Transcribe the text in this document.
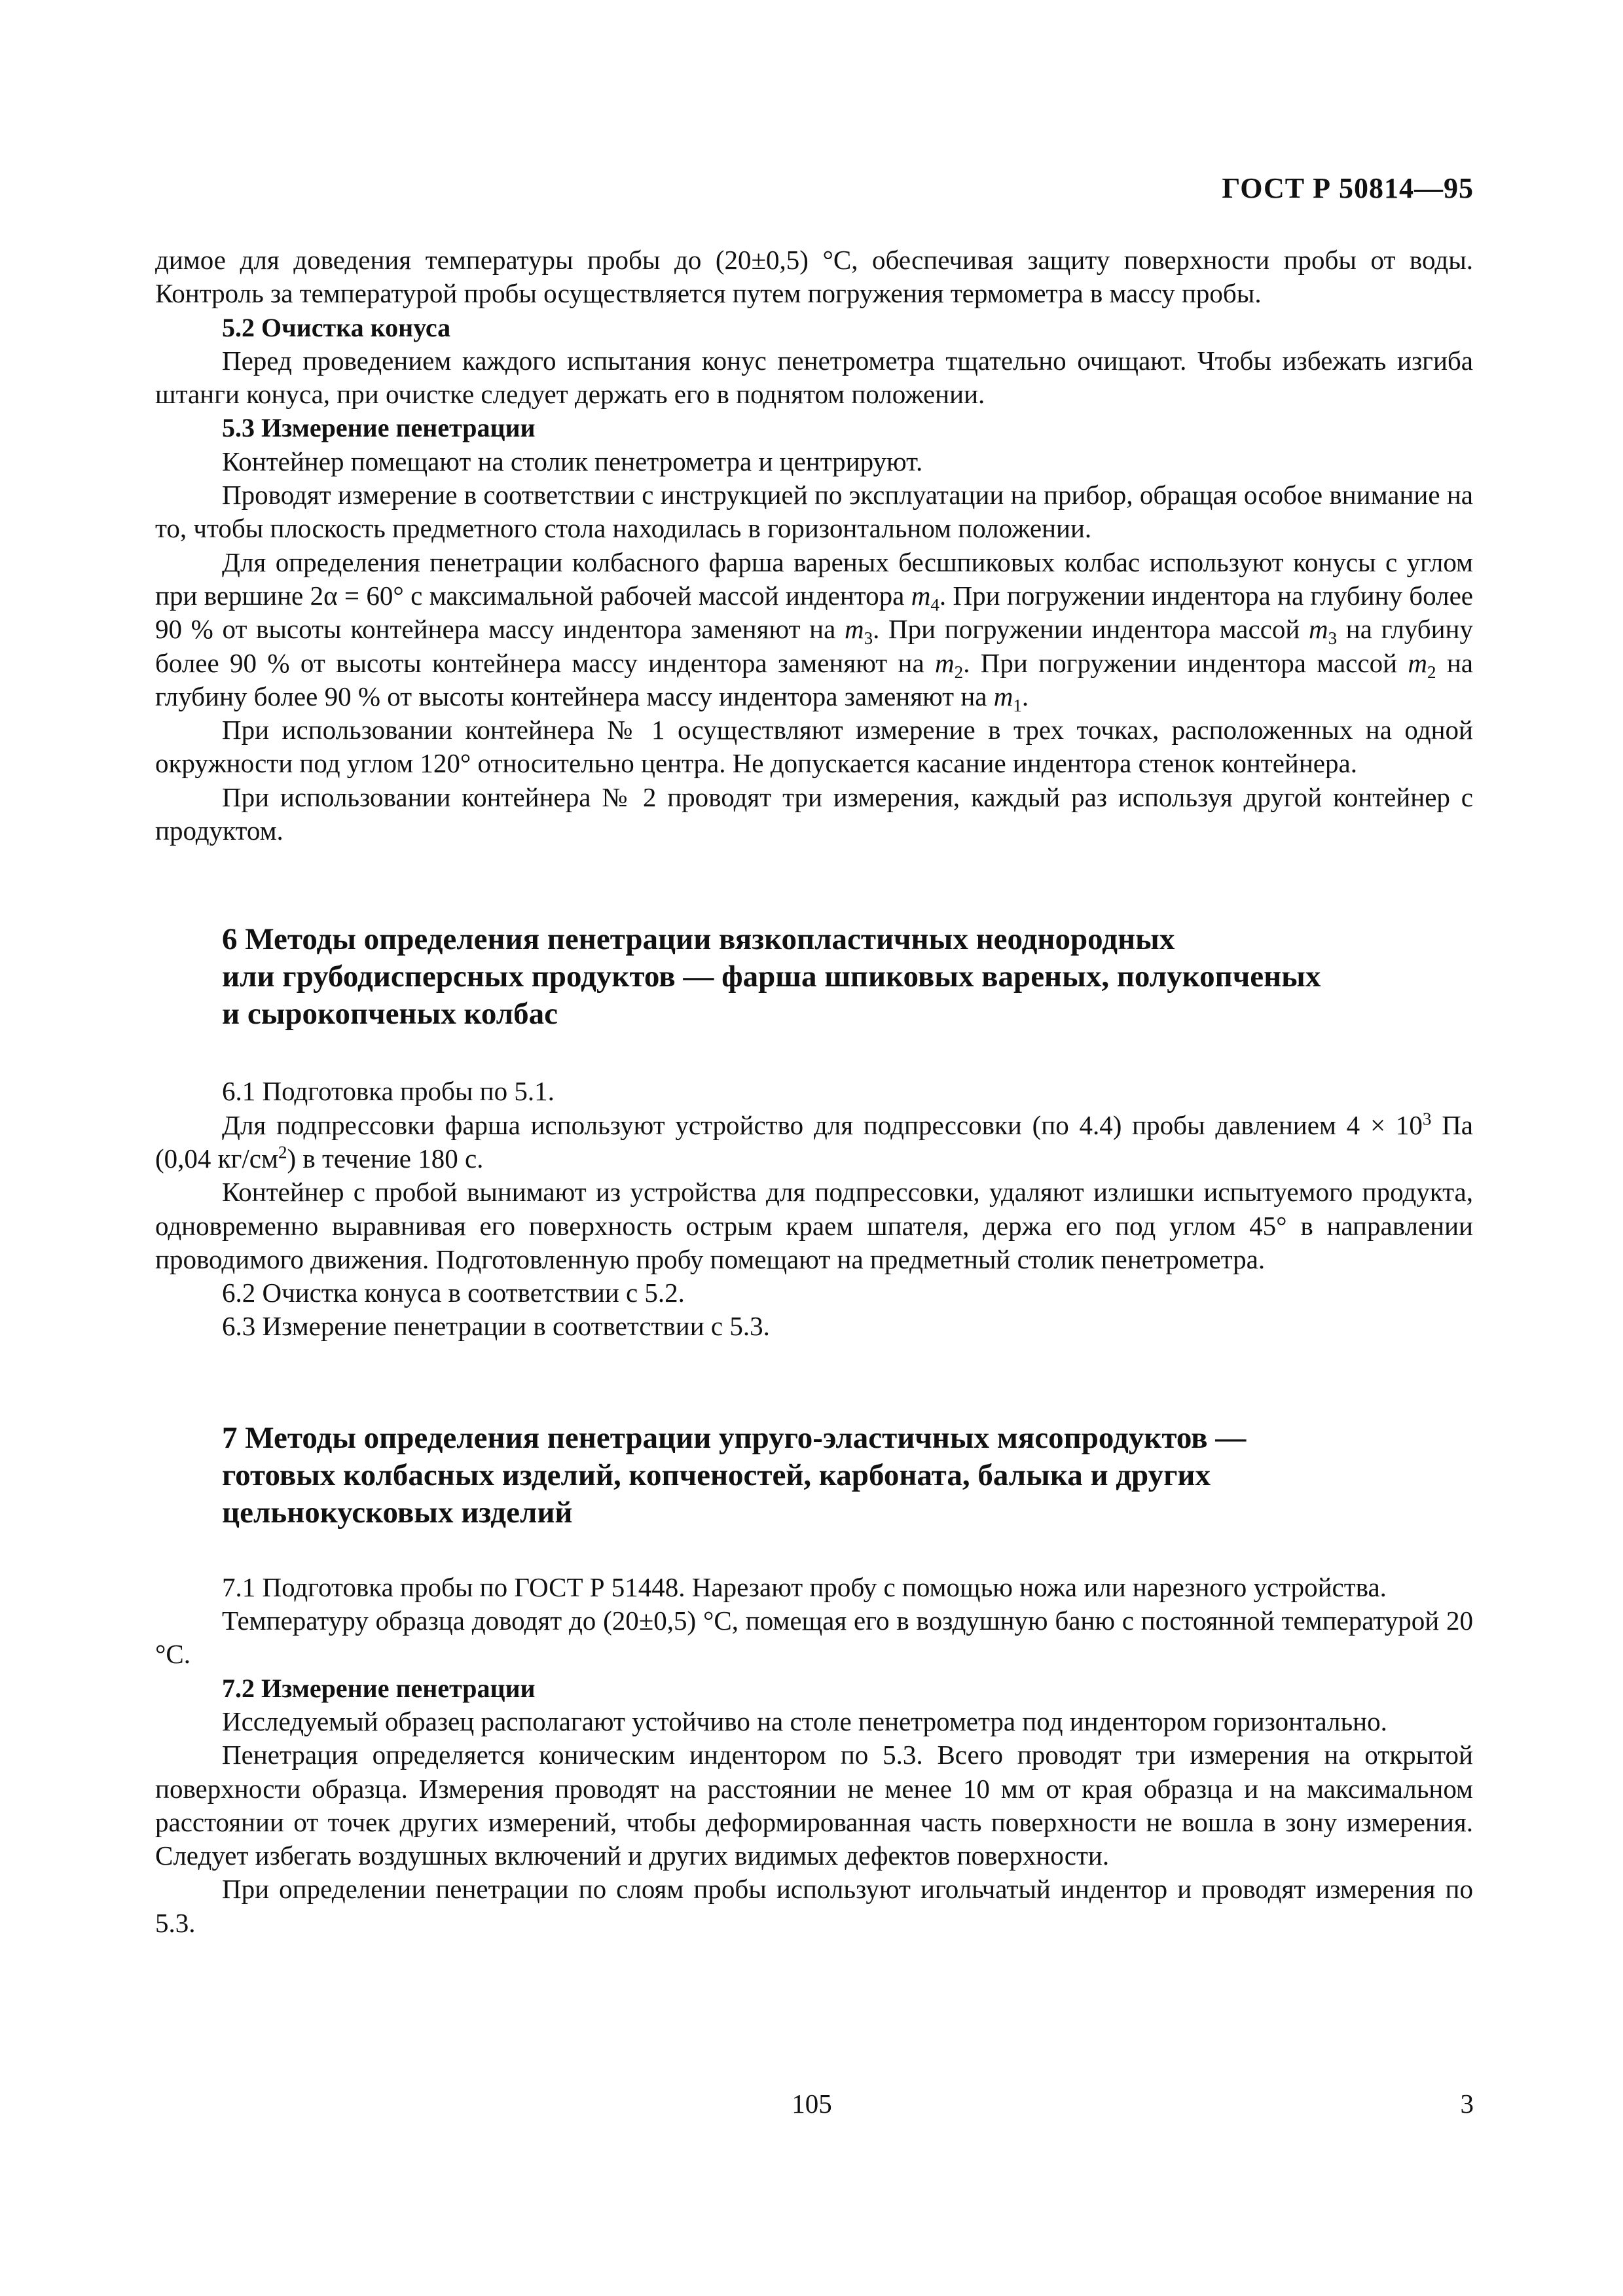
ГОСТ Р 50814—95

димое для доведения температуры пробы до (20±0,5) °С, обеспечивая защиту поверхности пробы от воды. Контроль за температурой пробы осуществляется путем погружения термометра в массу пробы.

5.2 Очистка конуса

Перед проведением каждого испытания конус пенетрометра тщательно очищают. Чтобы избежать изгиба штанги конуса, при очистке следует держать его в поднятом положении.

5.3 Измерение пенетрации

Контейнер помещают на столик пенетрометра и центрируют.

Проводят измерение в соответствии с инструкцией по эксплуатации на прибор, обращая особое внимание на то, чтобы плоскость предметного стола находилась в горизонтальном положении.

Для определения пенетрации колбасного фарша вареных бесшпиковых колбас используют конусы с углом при вершине 2α = 60° с максимальной рабочей массой индентора $m_4$. При погружении индентора на глубину более 90 % от высоты контейнера массу индентора заменяют на $m_3$. При погружении индентора массой $m_3$ на глубину более 90 % от высоты контейнера массу индентора заменяют на $m_2$. При погружении индентора массой $m_2$ на глубину более 90 % от высоты контейнера массу индентора заменяют на $m_1$.

При использовании контейнера № 1 осуществляют измерение в трех точках, расположенных на одной окружности под углом 120° относительно центра. Не допускается касание индентора стенок контейнера.

При использовании контейнера № 2 проводят три измерения, каждый раз используя другой контейнер с продуктом.

6 Методы определения пенетрации вязкопластичных неоднородных
или грубодисперсных продуктов — фарша шпиковых вареных, полукопченых
и сырокопченых колбас

6.1 Подготовка пробы по 5.1.

Для подпрессовки фарша используют устройство для подпрессовки (по 4.4) пробы давлением $4 \times 10^3$ Па (0,04 $кг/см^2$) в течение 180 с.

Контейнер с пробой вынимают из устройства для подпрессовки, удаляют излишки испытуемого продукта, одновременно выравнивая его поверхность острым краем шпателя, держа его под углом 45° в направлении проводимого движения. Подготовленную пробу помещают на предметный столик пенетрометра.

6.2 Очистка конуса в соответствии с 5.2.

6.3 Измерение пенетрации в соответствии с 5.3.

7 Методы определения пенетрации упруго-эластичных мясопродуктов —
готовых колбасных изделий, копченостей, карбоната, балыка и других
цельнокусковых изделий

7.1 Подготовка пробы по ГОСТ Р 51448. Нарезают пробу с помощью ножа или нарезного устройства.

Температуру образца доводят до (20±0,5) °С, помещая его в воздушную баню с постоянной температурой 20 °С.

7.2 Измерение пенетрации

Исследуемый образец располагают устойчиво на столе пенетрометра под индентором горизонтально.

Пенетрация определяется коническим индентором по 5.3. Всего проводят три измерения на открытой поверхности образца. Измерения проводят на расстоянии не менее 10 мм от края образца и на максимальном расстоянии от точек других измерений, чтобы деформированная часть поверхности не вошла в зону измерения. Следует избегать воздушных включений и других видимых дефектов поверхности.

При определении пенетрации по слоям пробы используют игольчатый индентор и проводят измерения по 5.3.

105	3
